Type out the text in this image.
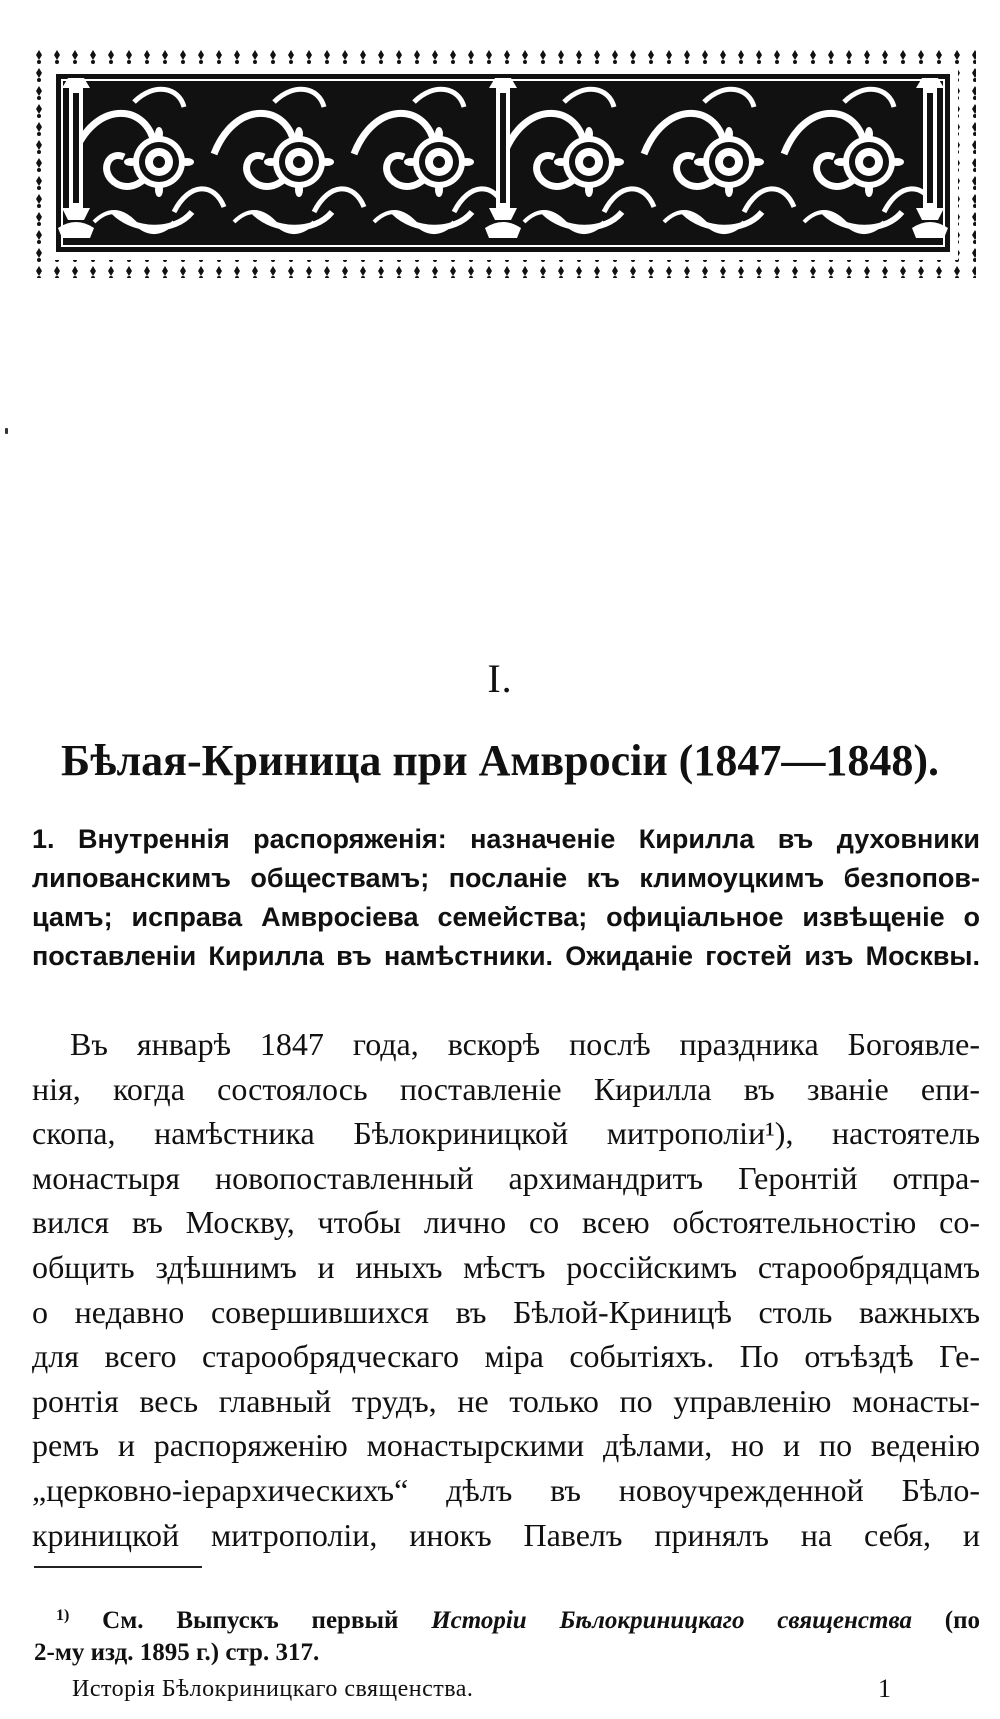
I.
Бѣлая-Криница при Амвросіи (1847—1848).
1. Внутреннія распоряженія: назначеніе Кирилла въ духовники
липованскимъ обществамъ; посланіе къ климоуцкимъ безпопов-
цамъ; исправа Амвросіева семейства; офиціальное извѣщеніе о
поставленіи Кирилла въ намѣстники. Ожиданіе гостей изъ Москвы.
Въ январѣ 1847 года, вскорѣ послѣ праздника Богоявле-
нія, когда состоялось поставленіе Кирилла въ званіе епи-
скопа, намѣстника Бѣлокриницкой митрополіи¹), настоятель
монастыря новопоставленный архимандритъ Геронтій отпра-
вился въ Москву, чтобы лично со всею обстоятельностію со-
общить здѣшнимъ и иныхъ мѣстъ россійскимъ старообрядцамъ
о недавно совершившихся въ Бѣлой-Криницѣ столь важныхъ
для всего старообрядческаго міра событіяхъ. По отъѣздѣ Ге-
ронтія весь главный трудъ, не только по управленію монасты-
ремъ и распоряженію монастырскими дѣлами, но и по веденію
„церковно-іерархическихъ“ дѣлъ въ новоучрежденной Бѣло-
криницкой митрополіи, инокъ Павелъ принялъ на себя, и
$^{1)}$ См. Выпускъ первый Исторіи Бѣлокриницкаго священства (по
2-му изд. 1895 г.) стр. 317.
Исторія Бѣлокриницкаго священства.	1
